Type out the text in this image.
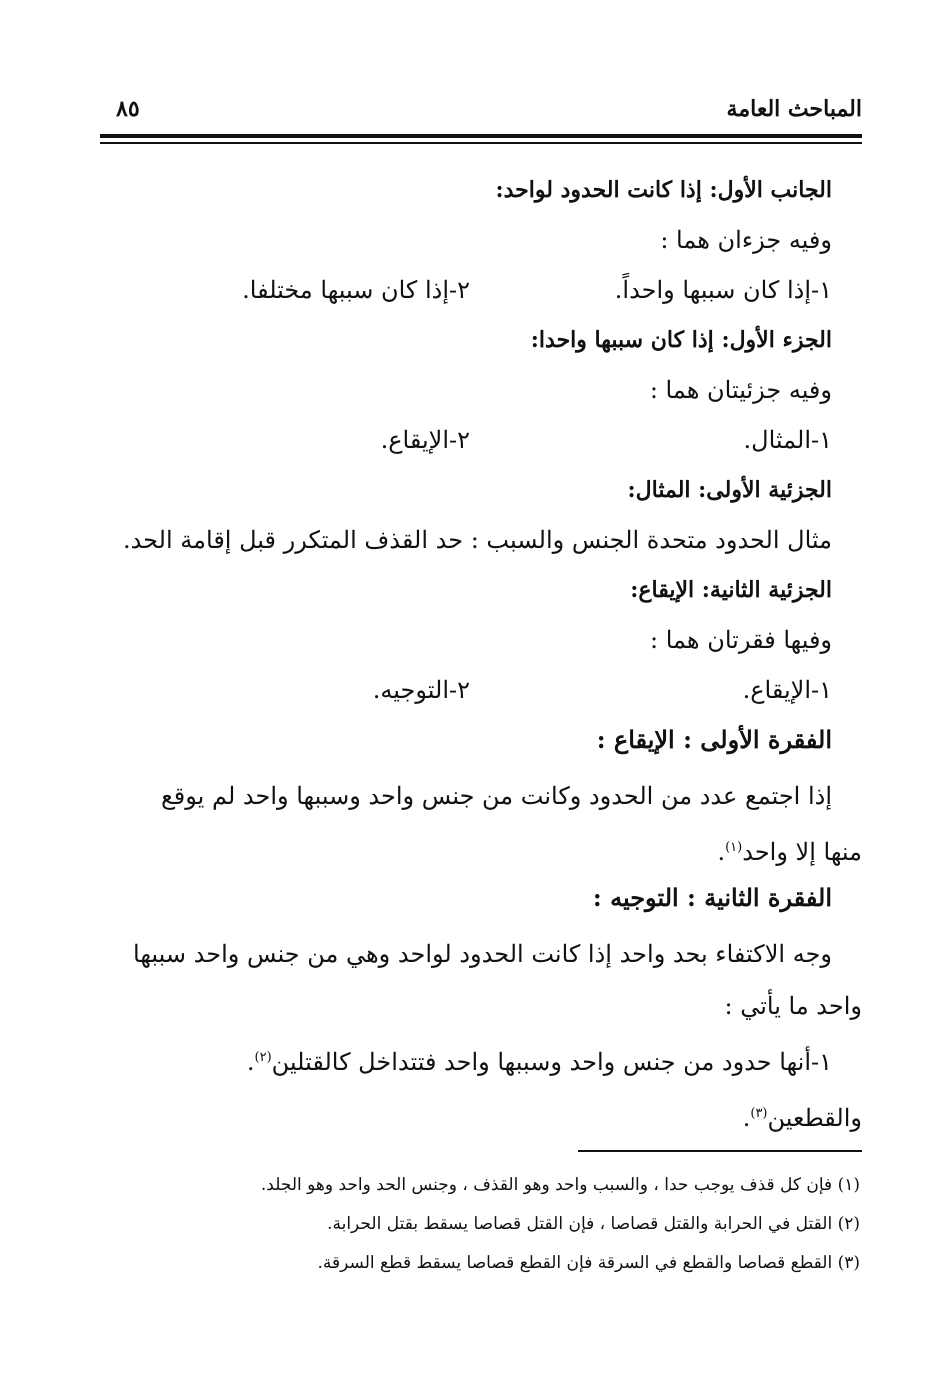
المباحث العامة
٨٥
الجانب الأول: إذا كانت الحدود لواحد:
وفيه جزءان هما :
١-إذا كان سببها واحداً.
٢-إذا كان سببها مختلفا.
الجزء الأول: إذا كان سببها واحدا:
وفيه جزئيتان هما :
١-المثال.
٢-الإيقاع.
الجزئية الأولى: المثال:
مثال الحدود متحدة الجنس والسبب : حد القذف المتكرر قبل إقامة الحد.
الجزئية الثانية: الإيقاع:
وفيها فقرتان هما :
١-الإيقاع.
٢-التوجيه.
الفقرة الأولى : الإيقاع :
إذا اجتمع عدد من الحدود وكانت من جنس واحد وسببها واحد لم يوقع
منها إلا واحد$^{(١)}$.
الفقرة الثانية : التوجيه :
وجه الاكتفاء بحد واحد إذا كانت الحدود لواحد وهي من جنس واحد سببها
واحد ما يأتي :
١-أنها حدود من جنس واحد وسببها واحد فتتداخل كالقتلين$^{(٢)}$.
والقطعين$^{(٣)}$.
(١) فإن كل قذف يوجب حدا ، والسبب واحد وهو القذف ، وجنس الحد واحد وهو الجلد.
(٢) القتل في الحرابة والقتل قصاصا ، فإن القتل قصاصا يسقط بقتل الحرابة.
(٣) القطع قصاصا والقطع في السرقة فإن القطع قصاصا يسقط قطع السرقة.
